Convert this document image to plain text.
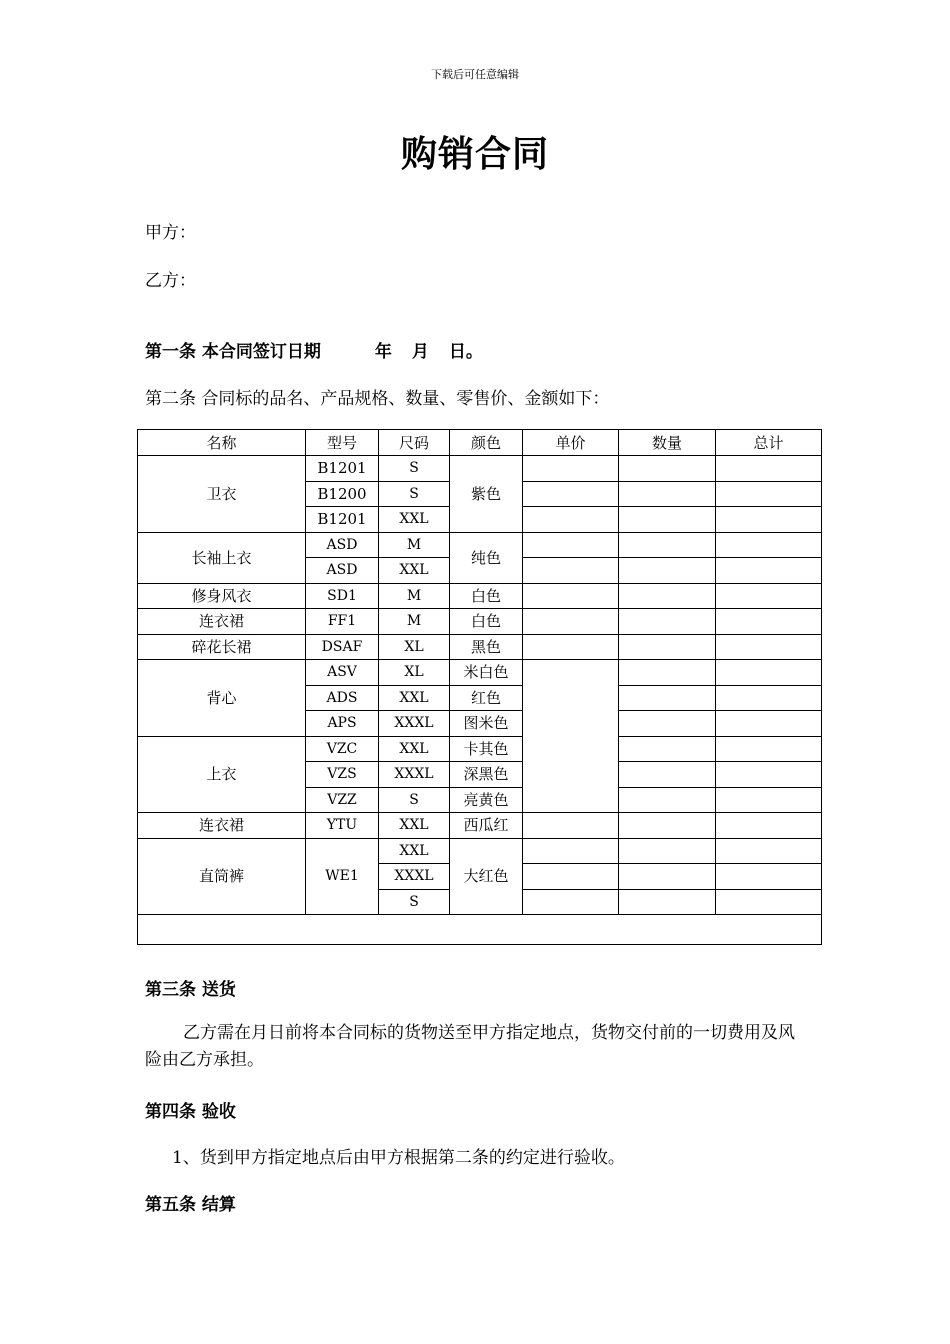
下载后可任意编辑
购销合同
甲方：
乙方：
第一条 本合同签订日期	年 月 日。
第二条 合同标的品名、产品规格、数量、零售价、金额如下：
名称	型号	尺码	颜色	单价	数量	总计
卫衣	B1201	S	紫色			
	B1200	S				
	B1201	XXL				
长袖上衣	ASD	M	纯色			
	ASD	XXL				
修身风衣	SD1	M	白色			
连衣裙	FF1	M	白色			
碎花长裙	DSAF	XL	黑色			
背心	ASV	XL	米白色			
	ADS	XXL	红色			
	APS	XXXL	图米色			
上衣	VZC	XXL	卡其色			
	VZS	XXXL	深黑色			
	VZZ	S	亮黄色			
连衣裙	YTU	XXL	西瓜红			
直筒裤	WE1	XXL	大红色			
		XXXL				
		S				

第三条 送货
乙方需在月日前将本合同标的货物送至甲方指定地点，货物交付前的一切费用及风险由乙方承担。
第四条 验收
1、货到甲方指定地点后由甲方根据第二条的约定进行验收。
第五条 结算
